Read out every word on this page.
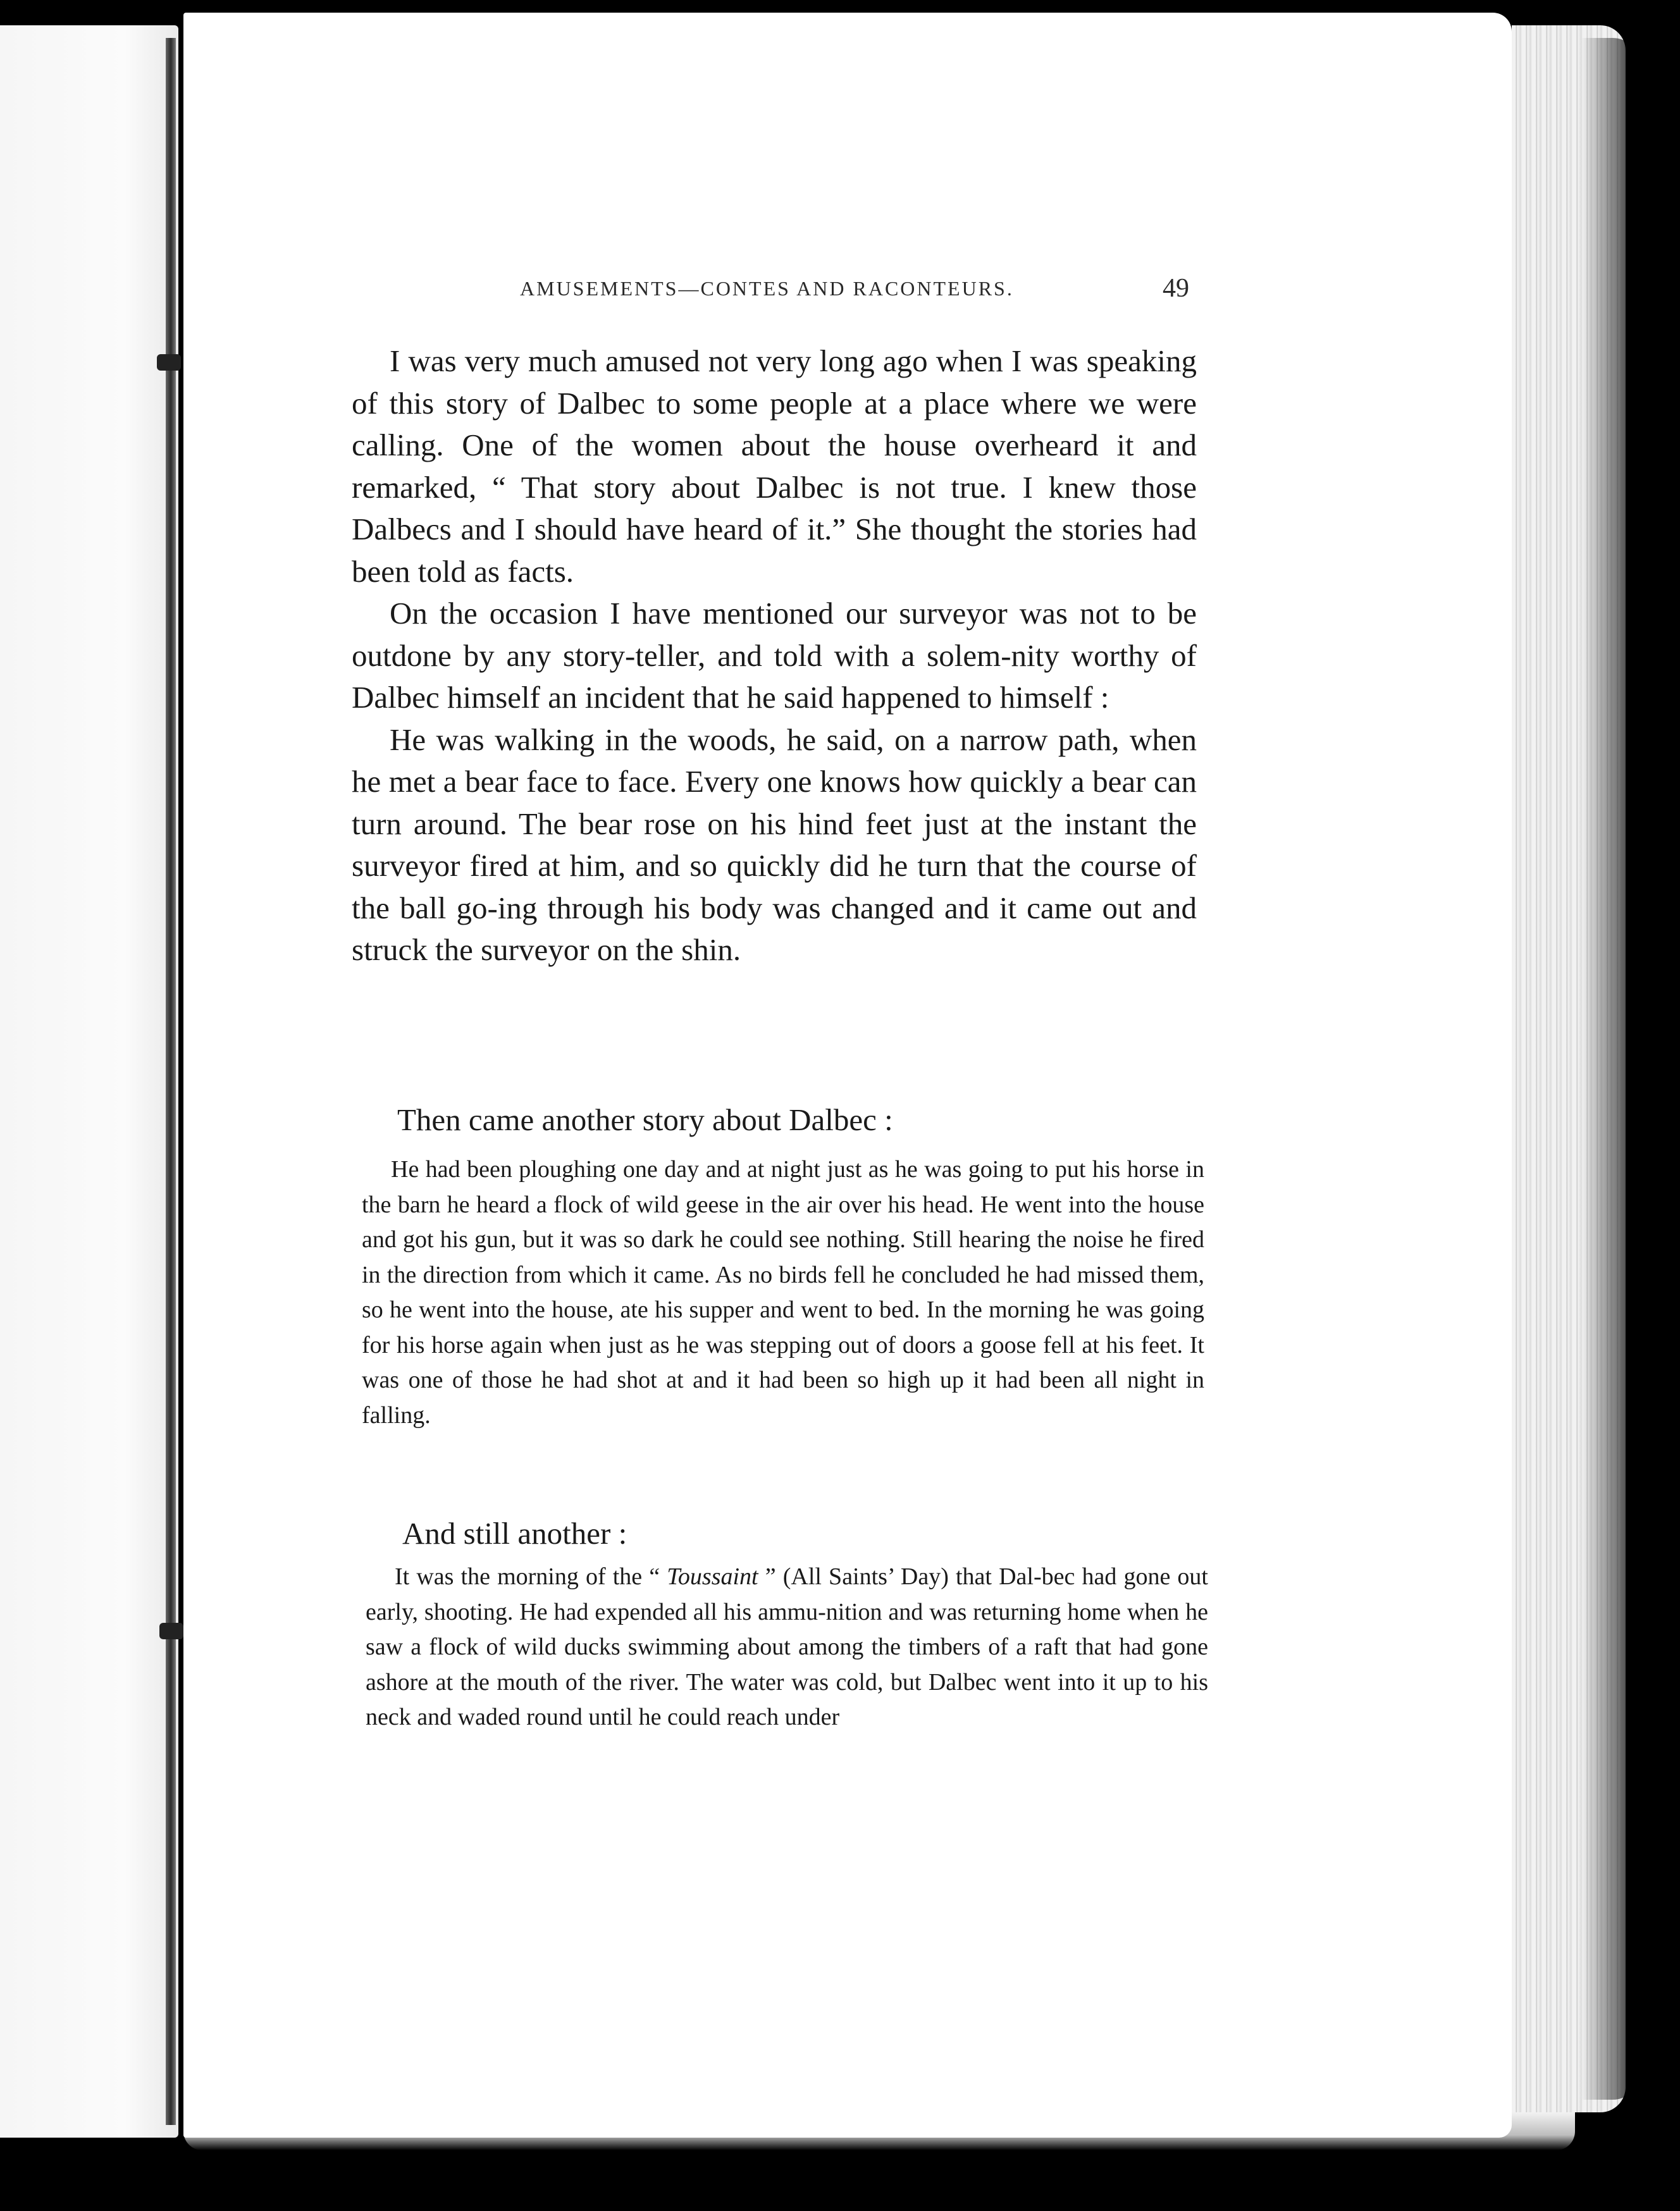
AMUSEMENTS—CONTES AND RACONTEURS.	49

I was very much amused not very long ago when I was speaking of this story of Dalbec to some people at a place where we were calling. One of the women about the house overheard it and remarked, “ That story about Dalbec is not true. I knew those Dalbecs and I should have heard of it.” She thought the stories had been told as facts.

On the occasion I have mentioned our surveyor was not to be outdone by any story-teller, and told with a solem-nity worthy of Dalbec himself an incident that he said happened to himself :

He was walking in the woods, he said, on a narrow path, when he met a bear face to face. Every one knows how quickly a bear can turn around. The bear rose on his hind feet just at the instant the surveyor fired at him, and so quickly did he turn that the course of the ball go-ing through his body was changed and it came out and struck the surveyor on the shin.

Then came another story about Dalbec :

He had been ploughing one day and at night just as he was going to put his horse in the barn he heard a flock of wild geese in the air over his head. He went into the house and got his gun, but it was so dark he could see nothing. Still hearing the noise he fired in the direction from which it came. As no birds fell he concluded he had missed them, so he went into the house, ate his supper and went to bed. In the morning he was going for his horse again when just as he was stepping out of doors a goose fell at his feet. It was one of those he had shot at and it had been so high up it had been all night in falling.

And still another :

It was the morning of the “ Toussaint ” (All Saints’ Day) that Dal-bec had gone out early, shooting. He had expended all his ammu-nition and was returning home when he saw a flock of wild ducks swimming about among the timbers of a raft that had gone ashore at the mouth of the river. The water was cold, but Dalbec went into it up to his neck and waded round until he could reach under
